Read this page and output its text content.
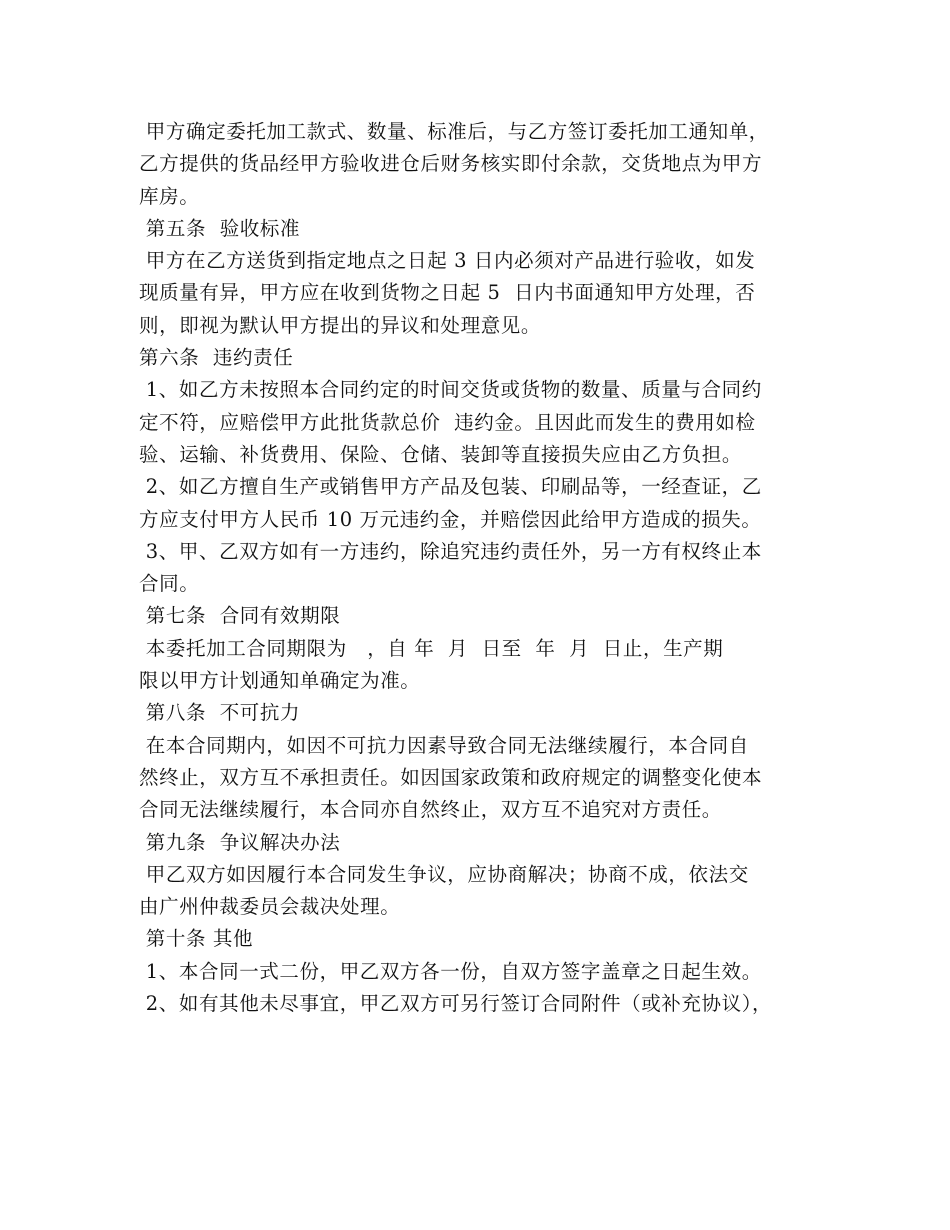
甲方确定委托加工款式、数量、标准后，与乙方签订委托加工通知单，
乙方提供的货品经甲方验收进仓后财务核实即付余款，交货地点为甲方
库房。
第五条  验收标准
甲方在乙方送货到指定地点之日起 3 日内必须对产品进行验收，如发
现质量有异，甲方应在收到货物之日起 5  日内书面通知甲方处理，否
则，即视为默认甲方提出的异议和处理意见。
第六条  违约责任
1、如乙方未按照本合同约定的时间交货或货物的数量、质量与合同约
定不符，应赔偿甲方此批货款总价  违约金。且因此而发生的费用如检
验、运输、补货费用、保险、仓储、装卸等直接损失应由乙方负担。
2、如乙方擅自生产或销售甲方产品及包装、印刷品等，一经查证，乙
方应支付甲方人民币 10 万元违约金，并赔偿因此给甲方造成的损失。
3、甲、乙双方如有一方违约，除追究违约责任外，另一方有权终止本
合同。
第七条  合同有效期限
本委托加工合同期限为   ，自 年  月  日至  年  月  日止，生产期
限以甲方计划通知单确定为准。
第八条  不可抗力
在本合同期内，如因不可抗力因素导致合同无法继续履行，本合同自
然终止，双方互不承担责任。如因国家政策和政府规定的调整变化使本
合同无法继续履行，本合同亦自然终止，双方互不追究对方责任。
第九条  争议解决办法
甲乙双方如因履行本合同发生争议，应协商解决；协商不成，依法交
由广州仲裁委员会裁决处理。
第十条 其他
1、本合同一式二份，甲乙双方各一份，自双方签字盖章之日起生效。
2、如有其他未尽事宜，甲乙双方可另行签订合同附件（或补充协议），
